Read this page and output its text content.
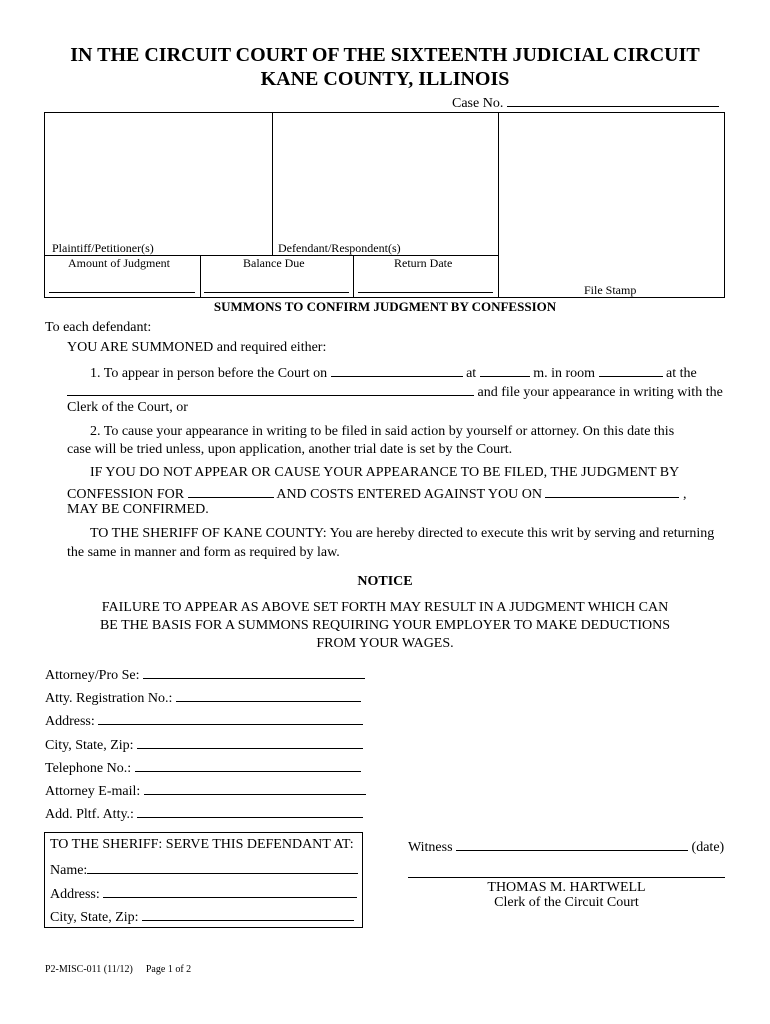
IN THE CIRCUIT COURT OF THE SIXTEENTH JUDICIAL CIRCUIT
KANE COUNTY, ILLINOIS
Case No.
Plaintiff/Petitioner(s)	Defendant/Respondent(s)
Amount of Judgment	Balance Due	Return Date
File Stamp
SUMMONS TO CONFIRM JUDGMENT BY CONFESSION
To each defendant:
YOU ARE SUMMONED and required either:
1. To appear in person before the Court on	at	m. in room	at the
and file your appearance in writing with the
Clerk of the Court, or
2. To cause your appearance in writing to be filed in said action by yourself or attorney. On this date this
case will be tried unless, upon application, another trial date is set by the Court.
IF YOU DO NOT APPEAR OR CAUSE YOUR APPEARANCE TO BE FILED, THE JUDGMENT BY
CONFESSION FOR	AND COSTS ENTERED AGAINST YOU ON	,
MAY BE CONFIRMED.
TO THE SHERIFF OF KANE COUNTY: You are hereby directed to execute this writ by serving and returning
the same in manner and form as required by law.
NOTICE
FAILURE TO APPEAR AS ABOVE SET FORTH MAY RESULT IN A JUDGMENT WHICH CAN
BE THE BASIS FOR A SUMMONS REQUIRING YOUR EMPLOYER TO MAKE DEDUCTIONS
FROM YOUR WAGES.
Attorney/Pro Se:
Atty. Registration No.:
Address:
City, State, Zip:
Telephone No.:
Attorney E-mail:
Add. Pltf. Atty.:
TO THE SHERIFF: SERVE THIS DEFENDANT AT:
Name:
Address:
City, State, Zip:
Witness	(date)
THOMAS M. HARTWELL
Clerk of the Circuit Court
P2-MISC-011 (11/12) Page 1 of 2
